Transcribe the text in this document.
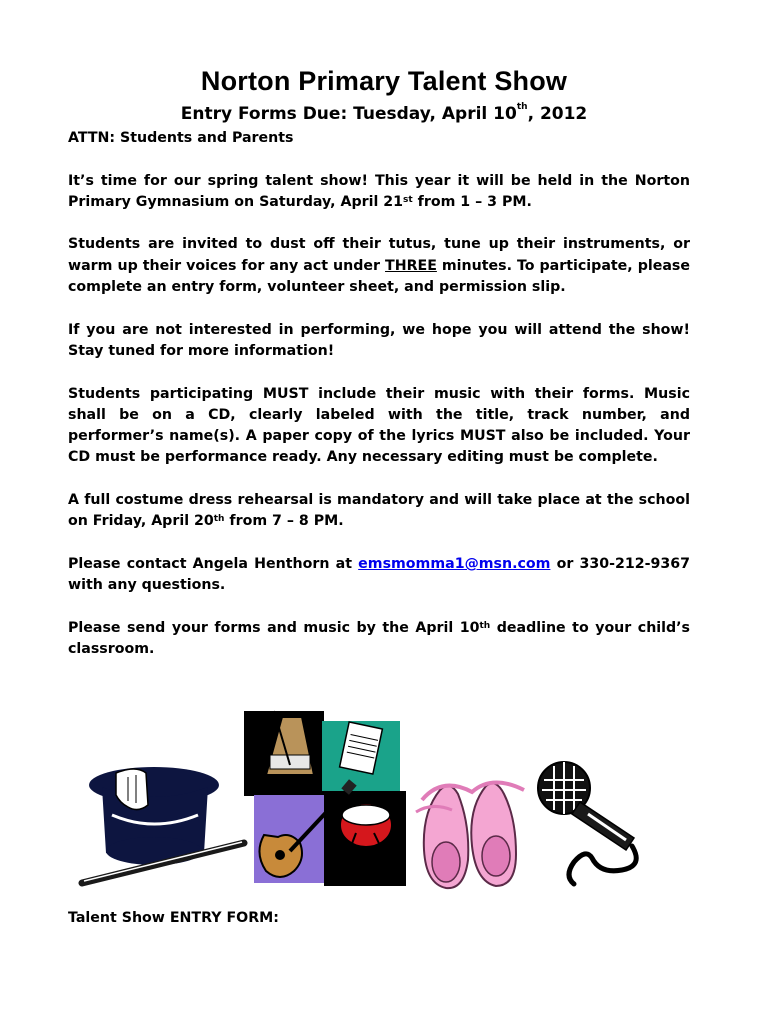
Norton Primary Talent Show
Entry Forms Due: Tuesday, April 10th, 2012
ATTN: Students and Parents
It’s time for our spring talent show! This year it will be held in the Norton Primary Gymnasium on Saturday, April 21st from 1 – 3 PM.
Students are invited to dust off their tutus, tune up their instruments, or warm up their voices for any act under THREE minutes. To participate, please complete an entry form, volunteer sheet, and permission slip.
If you are not interested in performing, we hope you will attend the show! Stay tuned for more information!
Students participating MUST include their music with their forms. Music shall be on a CD, clearly labeled with the title, track number, and performer’s name(s). A paper copy of the lyrics MUST also be included. Your CD must be performance ready. Any necessary editing must be complete.
A full costume dress rehearsal is mandatory and will take place at the school on Friday, April 20th from 7 – 8 PM.
Please contact Angela Henthorn at emsmomma1@msn.com or 330-212-9367 with any questions.
Please send your forms and music by the April 10th deadline to your child’s classroom.
Talent Show ENTRY FORM:
